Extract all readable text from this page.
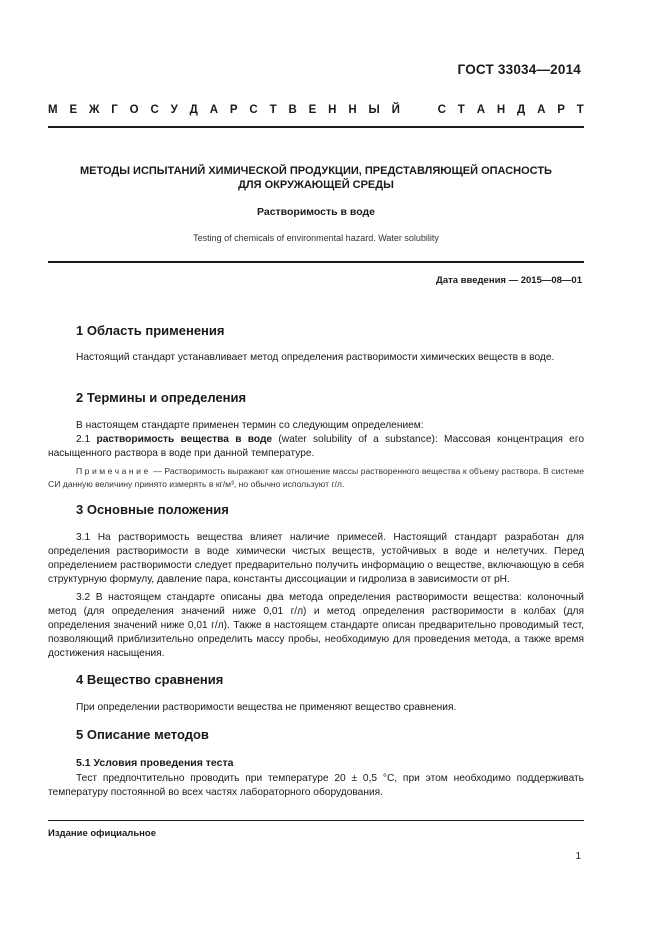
ГОСТ 33034—2014
М Е Ж Г О С У Д А Р С Т В Е Н Н Ы Й	С Т А Н Д А Р Т
МЕТОДЫ ИСПЫТАНИЙ ХИМИЧЕСКОЙ ПРОДУКЦИИ, ПРЕДСТАВЛЯЮЩЕЙ ОПАСНОСТЬ
ДЛЯ ОКРУЖАЮЩЕЙ СРЕДЫ
Растворимость в воде
Testing of chemicals of environmental hazard. Water solubility
Дата введения — 2015—08—01
1 Область применения
Настоящий стандарт устанавливает метод определения растворимости химических веществ в воде.
2 Термины и определения
В настоящем стандарте применен термин со следующим определением:
2.1 растворимость вещества в воде (water solubility of a substance): Массовая концентрация его насыщенного раствора в воде при данной температуре.
Примечание — Растворимость выражают как отношение массы растворенного вещества к объему раствора. В системе СИ данную величину принято измерять в кг/м³, но обычно используют г/л.
3 Основные положения
3.1 На растворимость вещества влияет наличие примесей. Настоящий стандарт разработан для определения растворимости в воде химически чистых веществ, устойчивых в воде и нелетучих. Перед определением растворимости следует предварительно получить информацию о веществе, включающую в себя структурную формулу, давление пара, константы диссоциации и гидролиза в зависимости от pH.
3.2 В настоящем стандарте описаны два метода определения растворимости вещества: колоночный метод (для определения значений ниже 0,01 г/л) и метод определения растворимости в колбах (для определения значений ниже 0,01 г/л). Также в настоящем стандарте описан предварительно проводимый тест, позволяющий приблизительно определить массу пробы, необходимую для проведения метода, а также время достижения насыщения.
4 Вещество сравнения
При определении растворимости вещества не применяют вещество сравнения.
5 Описание методов
5.1 Условия проведения теста
Тест предпочтительно проводить при температуре 20 ± 0,5 °С, при этом необходимо поддерживать температуру постоянной во всех частях лабораторного оборудования.
Издание официальное
1
